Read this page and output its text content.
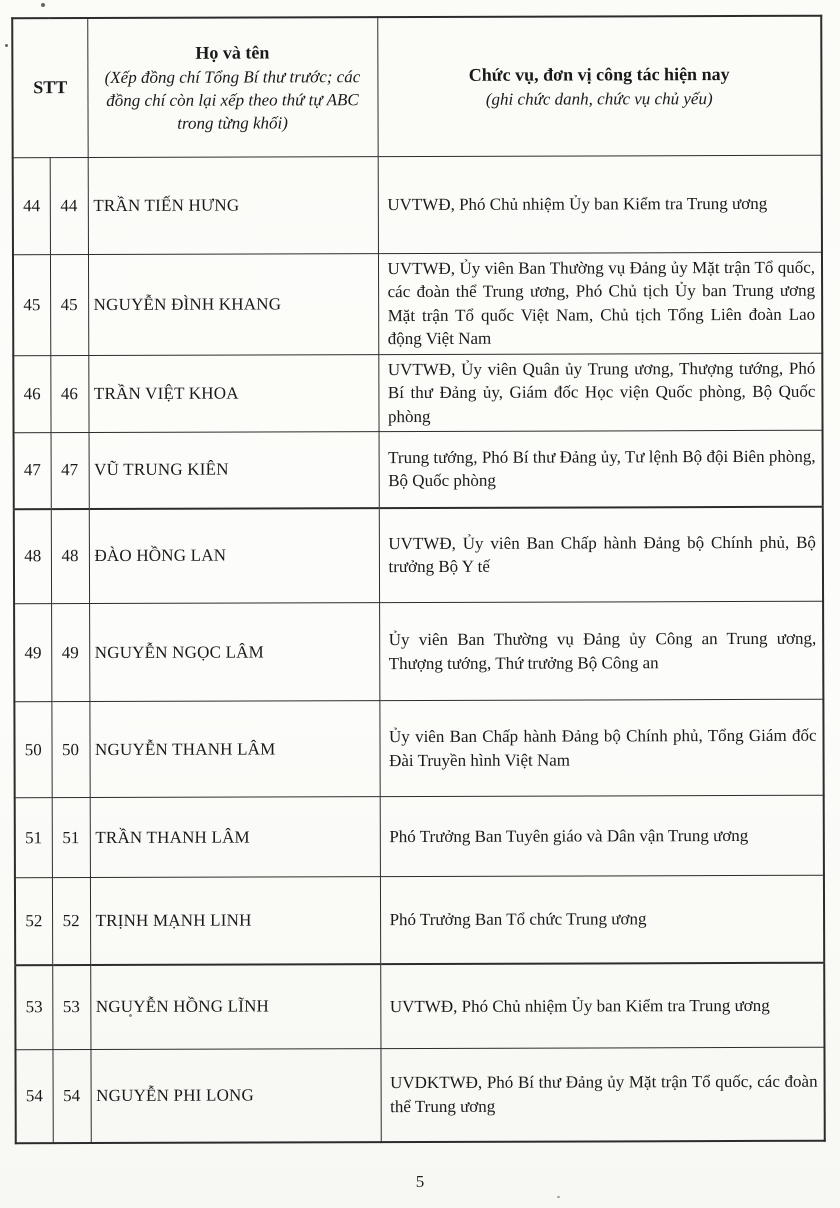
STT	
Họ và tên
(Xếp đồng chí Tổng Bí thư trước; các đồng chí còn lại xếp theo thứ tự ABC trong từng khối)

Chức vụ, đơn vị công tác hiện nay
(ghi chức danh, chức vụ chủ yếu)

44	44	TRẦN TIẾN HƯNG	UVTWĐ, Phó Chủ nhiệm Ủy ban Kiểm tra Trung ương
45	45	NGUYỄN ĐÌNH KHANG	UVTWĐ, Ủy viên Ban Thường vụ Đảng ủy Mặt trận Tổ quốc, các đoàn thể Trung ương, Phó Chủ tịch Ủy ban Trung ương Mặt trận Tổ quốc Việt Nam, Chủ tịch Tổng Liên đoàn Lao động Việt Nam
46	46	TRẦN VIỆT KHOA	UVTWĐ, Ủy viên Quân ủy Trung ương, Thượng tướng, Phó Bí thư Đảng ủy, Giám đốc Học viện Quốc phòng, Bộ Quốc phòng
47	47	VŨ TRUNG KIÊN	Trung tướng, Phó Bí thư Đảng ủy, Tư lệnh Bộ đội Biên phòng, Bộ Quốc phòng
48	48	ĐÀO HỒNG LAN	UVTWĐ, Ủy viên Ban Chấp hành Đảng bộ Chính phủ, Bộ trưởng Bộ Y tế
49	49	NGUYỄN NGỌC LÂM	Ủy viên Ban Thường vụ Đảng ủy Công an Trung ương, Thượng tướng, Thứ trưởng Bộ Công an
50	50	NGUYỄN THANH LÂM	Ủy viên Ban Chấp hành Đảng bộ Chính phủ, Tổng Giám đốc Đài Truyền hình Việt Nam
51	51	TRẦN THANH LÂM	Phó Trưởng Ban Tuyên giáo và Dân vận Trung ương
52	52	TRỊNH MẠNH LINH	Phó Trưởng Ban Tổ chức Trung ương
53	53	NGUYỄN HỒNG LĨNH	UVTWĐ, Phó Chủ nhiệm Ủy ban Kiểm tra Trung ương
54	54	NGUYỄN PHI LONG	UVDKTWĐ, Phó Bí thư Đảng ủy Mặt trận Tổ quốc, các đoàn thể Trung ương
5
